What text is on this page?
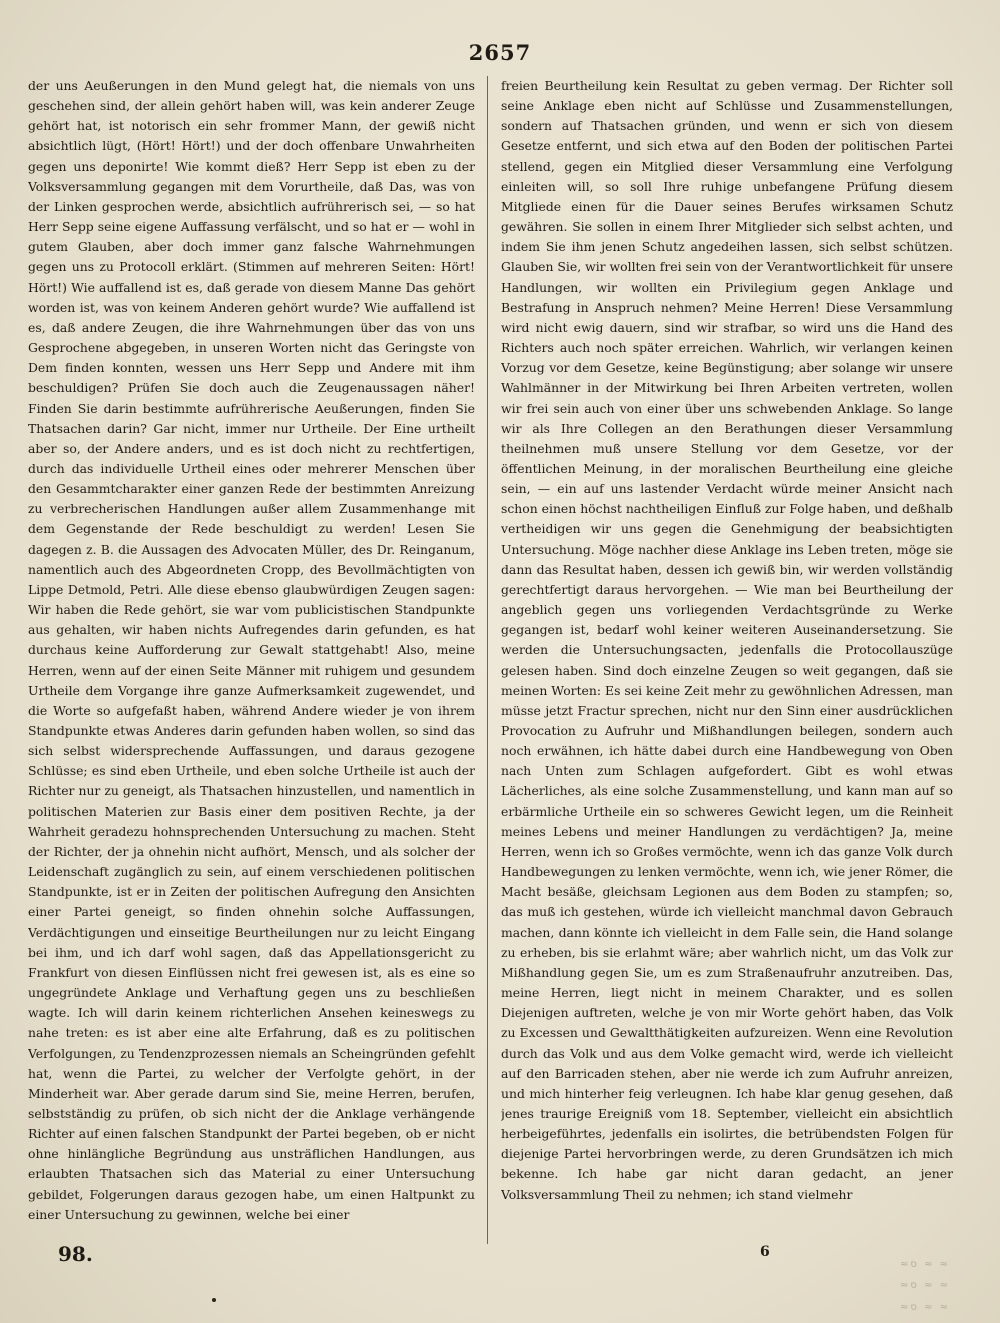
2657

der uns Aeußerungen in den Mund gelegt hat, die niemals von uns geschehen sind, der allein gehört haben will, was kein anderer Zeuge gehört hat, ist notorisch ein sehr frommer Mann, der gewiß nicht absichtlich lügt, (Hört! Hört!) und der doch offenbare Unwahrheiten gegen uns deponirte! Wie kommt dieß? Herr Sepp ist eben zu der Volksversammlung gegangen mit dem Vorurtheile, daß Das, was von der Linken gesprochen werde, absichtlich aufrührerisch sei, — so hat Herr Sepp seine eigene Auffassung verfälscht, und so hat er — wohl in gutem Glauben, aber doch immer ganz falsche Wahrnehmungen gegen uns zu Protocoll erklärt. (Stimmen auf mehreren Seiten: Hört! Hört!) Wie auffallend ist es, daß gerade von diesem Manne Das gehört worden ist, was von keinem Anderen gehört wurde? Wie auffallend ist es, daß andere Zeugen, die ihre Wahrnehmungen über das von uns Gesprochene abgegeben, in unseren Worten nicht das Geringste von Dem finden konnten, wessen uns Herr Sepp und Andere mit ihm beschuldigen? Prüfen Sie doch auch die Zeugenaussagen näher! Finden Sie darin bestimmte aufrührerische Aeußerungen, finden Sie Thatsachen darin? Gar nicht, immer nur Urtheile. Der Eine urtheilt aber so, der Andere anders, und es ist doch nicht zu rechtfertigen, durch das individuelle Urtheil eines oder mehrerer Menschen über den Gesammtcharakter einer ganzen Rede der bestimmten Anreizung zu verbrecherischen Handlungen außer allem Zusammenhange mit dem Gegenstande der Rede beschuldigt zu werden! Lesen Sie dagegen z. B. die Aussagen des Advocaten Müller, des Dr. Reinganum, namentlich auch des Abgeordneten Cropp, des Bevollmächtigten von Lippe Detmold, Petri. Alle diese ebenso glaubwürdigen Zeugen sagen: Wir haben die Rede gehört, sie war vom publicistischen Standpunkte aus gehalten, wir haben nichts Aufregendes darin gefunden, es hat durchaus keine Aufforderung zur Gewalt stattgehabt! Also, meine Herren, wenn auf der einen Seite Männer mit ruhigem und gesundem Urtheile dem Vorgange ihre ganze Aufmerksamkeit zugewendet, und die Worte so aufgefaßt haben, während Andere wieder je von ihrem Standpunkte etwas Anderes darin gefunden haben wollen, so sind das sich selbst widersprechende Auffassungen, und daraus gezogene Schlüsse; es sind eben Urtheile, und eben solche Urtheile ist auch der Richter nur zu geneigt, als Thatsachen hinzustellen, und namentlich in politischen Materien zur Basis einer dem positiven Rechte, ja der Wahrheit geradezu hohnsprechenden Untersuchung zu machen. Steht der Richter, der ja ohnehin nicht aufhört, Mensch, und als solcher der Leidenschaft zugänglich zu sein, auf einem verschiedenen politischen Standpunkte, ist er in Zeiten der politischen Aufregung den Ansichten einer Partei geneigt, so finden ohnehin solche Auffassungen, Verdächtigungen und einseitige Beurtheilungen nur zu leicht Eingang bei ihm, und ich darf wohl sagen, daß das Appellationsgericht zu Frankfurt von diesen Einflüssen nicht frei gewesen ist, als es eine so ungegründete Anklage und Verhaftung gegen uns zu beschließen wagte. Ich will darin keinem richterlichen Ansehen keineswegs zu nahe treten: es ist aber eine alte Erfahrung, daß es zu politischen Verfolgungen, zu Tendenzprozessen niemals an Scheingründen gefehlt hat, wenn die Partei, zu welcher der Verfolgte gehört, in der Minderheit war. Aber gerade darum sind Sie, meine Herren, berufen, selbstständig zu prüfen, ob sich nicht der die Anklage verhängende Richter auf einen falschen Standpunkt der Partei begeben, ob er nicht ohne hinlängliche Begründung aus unsträflichen Handlungen, aus erlaubten Thatsachen sich das Material zu einer Untersuchung gebildet, Folgerungen daraus gezogen habe, um einen Haltpunkt zu einer Untersuchung zu gewinnen, welche bei einer

freien Beurtheilung kein Resultat zu geben vermag. Der Richter soll seine Anklage eben nicht auf Schlüsse und Zusammenstellungen, sondern auf Thatsachen gründen, und wenn er sich von diesem Gesetze entfernt, und sich etwa auf den Boden der politischen Partei stellend, gegen ein Mitglied dieser Versammlung eine Verfolgung einleiten will, so soll Ihre ruhige unbefangene Prüfung diesem Mitgliede einen für die Dauer seines Berufes wirksamen Schutz gewähren. Sie sollen in einem Ihrer Mitglieder sich selbst achten, und indem Sie ihm jenen Schutz angedeihen lassen, sich selbst schützen. Glauben Sie, wir wollten frei sein von der Verantwortlichkeit für unsere Handlungen, wir wollten ein Privilegium gegen Anklage und Bestrafung in Anspruch nehmen? Meine Herren! Diese Versammlung wird nicht ewig dauern, sind wir strafbar, so wird uns die Hand des Richters auch noch später erreichen. Wahrlich, wir verlangen keinen Vorzug vor dem Gesetze, keine Begünstigung; aber solange wir unsere Wahlmänner in der Mitwirkung bei Ihren Arbeiten vertreten, wollen wir frei sein auch von einer über uns schwebenden Anklage. So lange wir als Ihre Collegen an den Berathungen dieser Versammlung theilnehmen muß unsere Stellung vor dem Gesetze, vor der öffentlichen Meinung, in der moralischen Beurtheilung eine gleiche sein, — ein auf uns lastender Verdacht würde meiner Ansicht nach schon einen höchst nachtheiligen Einfluß zur Folge haben, und deßhalb vertheidigen wir uns gegen die Genehmigung der beabsichtigten Untersuchung. Möge nachher diese Anklage ins Leben treten, möge sie dann das Resultat haben, dessen ich gewiß bin, wir werden vollständig gerechtfertigt daraus hervorgehen. — Wie man bei Beurtheilung der angeblich gegen uns vorliegenden Verdachtsgründe zu Werke gegangen ist, bedarf wohl keiner weiteren Auseinandersetzung. Sie werden die Untersuchungsacten, jedenfalls die Protocollauszüge gelesen haben. Sind doch einzelne Zeugen so weit gegangen, daß sie meinen Worten: Es sei keine Zeit mehr zu gewöhnlichen Adressen, man müsse jetzt Fractur sprechen, nicht nur den Sinn einer ausdrücklichen Provocation zu Aufruhr und Mißhandlungen beilegen, sondern auch noch erwähnen, ich hätte dabei durch eine Handbewegung von Oben nach Unten zum Schlagen aufgefordert. Gibt es wohl etwas Lächerliches, als eine solche Zusammenstellung, und kann man auf so erbärmliche Urtheile ein so schweres Gewicht legen, um die Reinheit meines Lebens und meiner Handlungen zu verdächtigen? Ja, meine Herren, wenn ich so Großes vermöchte, wenn ich das ganze Volk durch Handbewegungen zu lenken vermöchte, wenn ich, wie jener Römer, die Macht besäße, gleichsam Legionen aus dem Boden zu stampfen; so, das muß ich gestehen, würde ich vielleicht manchmal davon Gebrauch machen, dann könnte ich vielleicht in dem Falle sein, die Hand solange zu erheben, bis sie erlahmt wäre; aber wahrlich nicht, um das Volk zur Mißhandlung gegen Sie, um es zum Straßenaufruhr anzutreiben. Das, meine Herren, liegt nicht in meinem Charakter, und es sollen Diejenigen auftreten, welche je von mir Worte gehört haben, das Volk zu Excessen und Gewaltthätigkeiten aufzureizen. Wenn eine Revolution durch das Volk und aus dem Volke gemacht wird, werde ich vielleicht auf den Barricaden stehen, aber nie werde ich zum Aufruhr anreizen, und mich hinterher feig verleugnen. Ich habe klar genug gesehen, daß jenes traurige Ereigniß vom 18. September, vielleicht ein absichtlich herbeigeführtes, jedenfalls ein isolirtes, die betrübendsten Folgen für diejenige Partei hervorbringen werde, zu deren Grundsätzen ich mich bekenne. Ich habe gar nicht daran gedacht, an jener Volksversammlung Theil zu nehmen; ich stand vielmehr

98.	6
≈ס ≈ ≈
≈ס ≈ ≈
≈ס ≈ ≈
